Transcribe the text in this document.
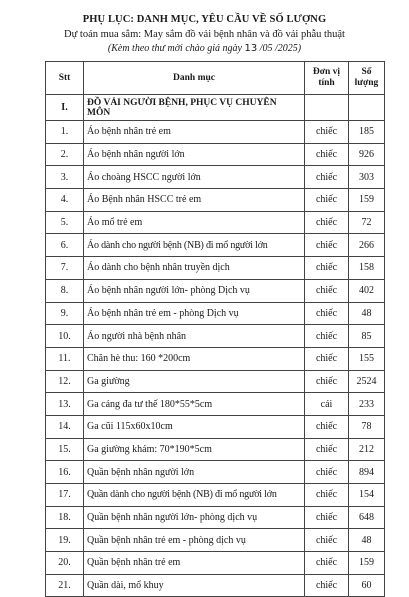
PHỤ LỤC: DANH MỤC, YÊU CẦU VỀ SỐ LƯỢNG
Dự toán mua sắm: May sắm đồ vải bệnh nhân và đồ vải phẫu thuật
(Kèm theo thư mời chào giá ngày 13 /05 /2025)
Stt	Danh mục	Đơn vị tính	Số lượng
I.	ĐỒ VẢI NGƯỜI BỆNH, PHỤC VỤ CHUYÊN MÔN		
1.	Áo bệnh nhân trẻ em	chiếc	185
2.	Áo bệnh nhân người lớn	chiếc	926
3.	Áo choàng HSCC người lớn	chiếc	303
4.	Áo Bệnh nhân HSCC trẻ em	chiếc	159
5.	Áo mổ trẻ em	chiếc	72
6.	Áo dành cho người bệnh (NB) đi mổ người lớn	chiếc	266
7.	Áo dành cho bệnh nhân truyền dịch	chiếc	158
8.	Áo bệnh nhân người lớn- phòng Dịch vụ	chiếc	402
9.	Áo bệnh nhân trẻ em - phòng Dịch vụ	chiếc	48
10.	Áo người nhà bệnh nhân	chiếc	85
11.	Chăn hè thu: 160 *200cm	chiếc	155
12.	Ga giường	chiếc	2524
13.	Ga cáng đa tư thế 180*55*5cm	cái	233
14.	Ga cũi 115x60x10cm	chiếc	78
15.	Ga giường khám: 70*190*5cm	chiếc	212
16.	Quần bệnh nhân người lớn	chiếc	894
17.	Quần dành cho người bệnh (NB) đi mổ người lớn	chiếc	154
18.	Quần bệnh nhân người lớn- phòng dịch vụ	chiếc	648
19.	Quần bệnh nhân trẻ em - phòng dịch vụ	chiếc	48
20.	Quần bệnh nhân trẻ em	chiếc	159
21.	Quần dài, mổ khuy	chiếc	60
